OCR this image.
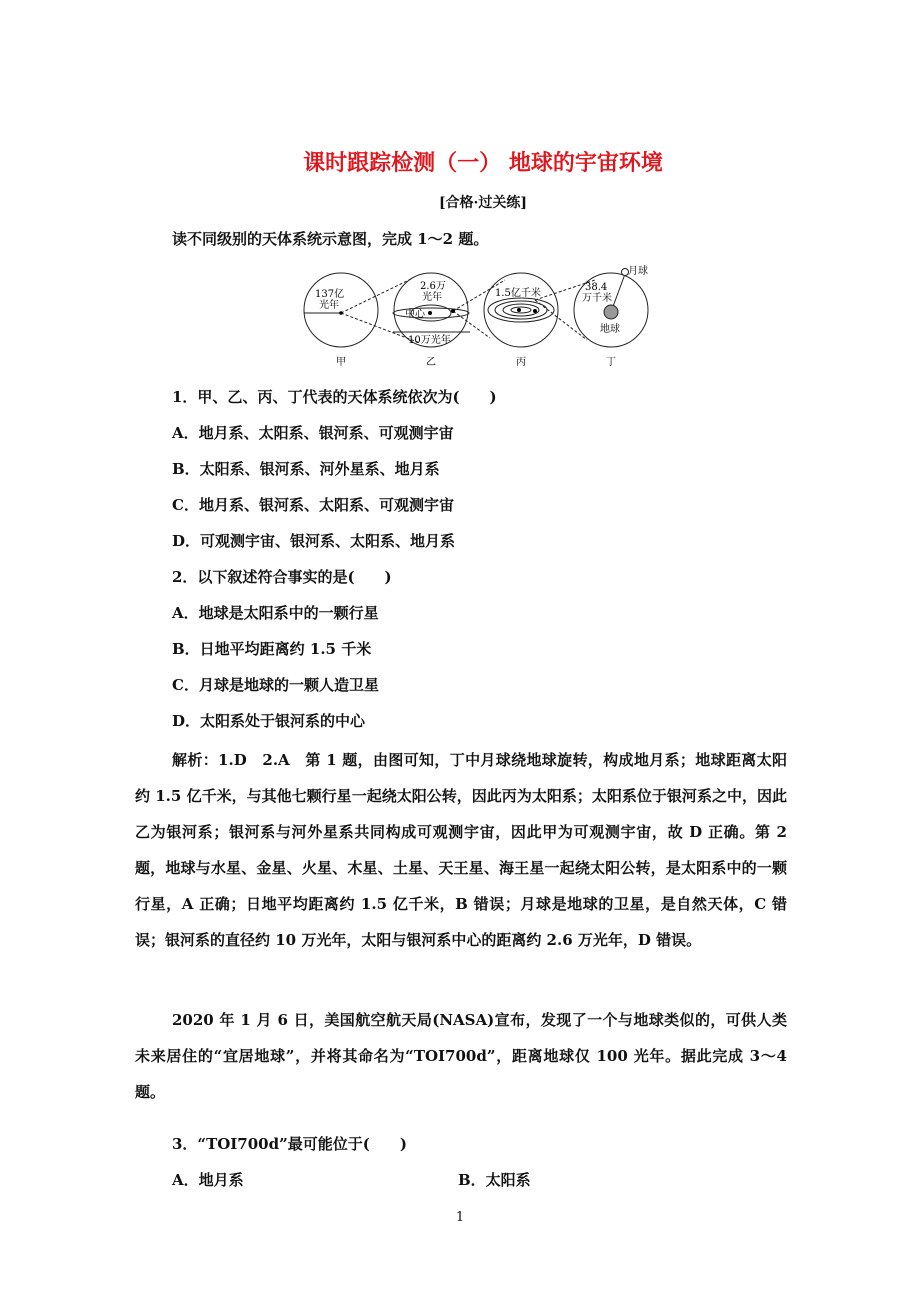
课时跟踪检测（一） 地球的宇宙环境
[合格·过关练]
读不同级别的天体系统示意图，完成 1～2 题。
137亿
光年
2.6万
光年
中心
10万光年
1.5亿千米
月球
38.4
万千米
地球
甲	乙	丙	丁
1．甲、乙、丙、丁代表的天体系统依次为(　　)
A．地月系、太阳系、银河系、可观测宇宙
B．太阳系、银河系、河外星系、地月系
C．地月系、银河系、太阳系、可观测宇宙
D．可观测宇宙、银河系、太阳系、地月系
2．以下叙述符合事实的是(　　)
A．地球是太阳系中的一颗行星
B．日地平均距离约 1.5 千米
C．月球是地球的一颗人造卫星
D．太阳系处于银河系的中心
解析：1.D　2.A　第 1 题，由图可知，丁中月球绕地球旋转，构成地月系；地球距离太阳约 1.5 亿千米，与其他七颗行星一起绕太阳公转，因此丙为太阳系；太阳系位于银河系之中，因此乙为银河系；银河系与河外星系共同构成可观测宇宙，因此甲为可观测宇宙，故 D 正确。第 2 题，地球与水星、金星、火星、木星、土星、天王星、海王星一起绕太阳公转，是太阳系中的一颗行星，A 正确；日地平均距离约 1.5 亿千米，B 错误；月球是地球的卫星，是自然天体，C 错误；银河系的直径约 10 万光年，太阳与银河系中心的距离约 2.6 万光年，D 错误。
2020 年 1 月 6 日，美国航空航天局(NASA)宣布，发现了一个与地球类似的，可供人类未来居住的“宜居地球”，并将其命名为“TOI700d”，距离地球仅 100 光年。据此完成 3～4 题。
3．“TOI700d”最可能位于(　　)
A．地月系	B．太阳系
1
